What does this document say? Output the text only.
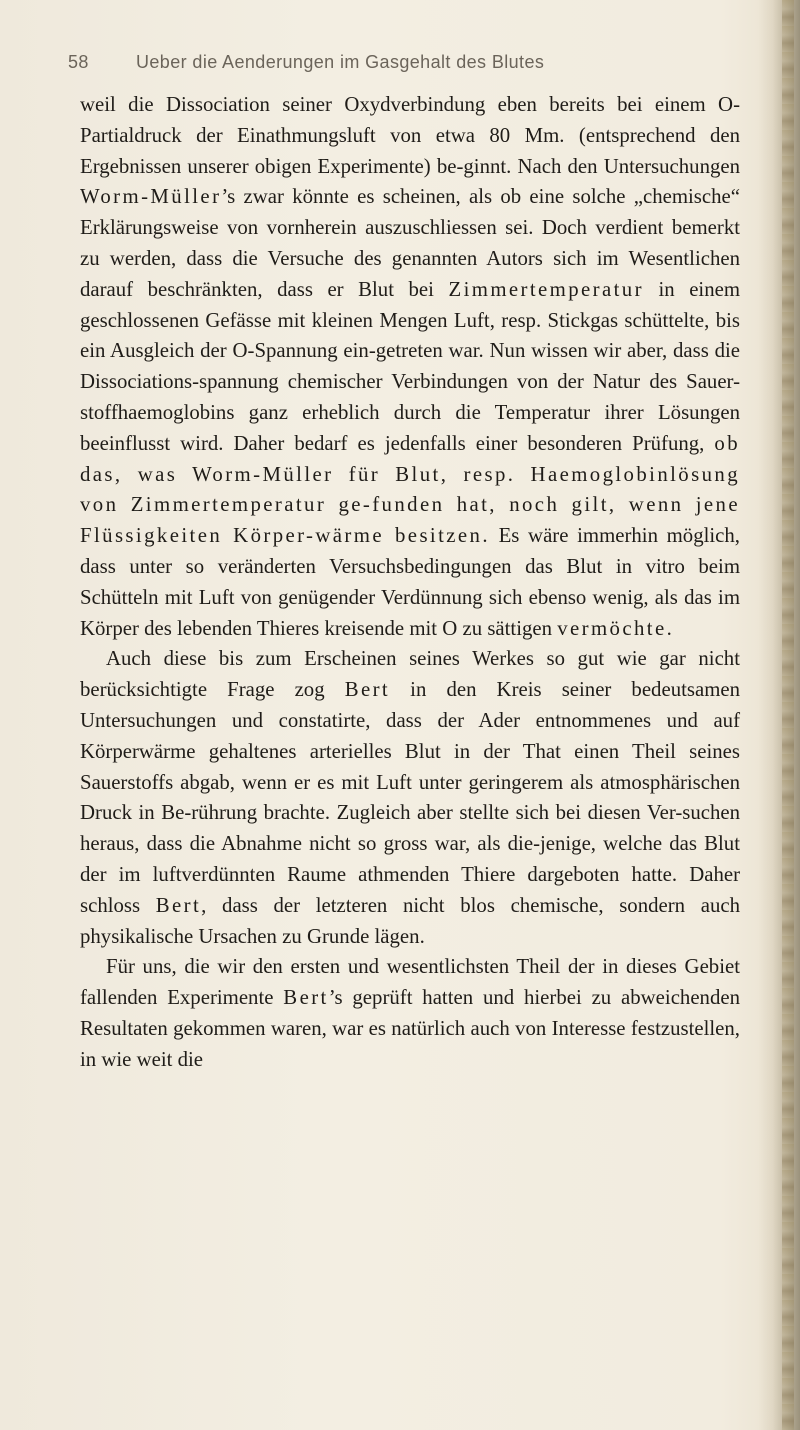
58	Ueber die Aenderungen im Gasgehalt des Blutes

weil die Dissociation seiner Oxydverbindung eben bereits bei einem O-Partialdruck der Einathmungsluft von etwa 80 Mm. (entsprechend den Ergebnissen unserer obigen Experimente) be-ginnt. Nach den Untersuchungen Worm-Müller’s zwar könnte es scheinen, als ob eine solche „chemische“ Erklärungsweise von vornherein auszuschliessen sei. Doch verdient bemerkt zu werden, dass die Versuche des genannten Autors sich im Wesentlichen darauf beschränkten, dass er Blut bei Zimmertemperatur in einem geschlossenen Gefässe mit kleinen Mengen Luft, resp. Stickgas schüttelte, bis ein Ausgleich der O-Spannung ein-getreten war. Nun wissen wir aber, dass die Dissociations-spannung chemischer Verbindungen von der Natur des Sauer-stoffhaemoglobins ganz erheblich durch die Temperatur ihrer Lösungen beeinflusst wird. Daher bedarf es jedenfalls einer besonderen Prüfung, ob das, was Worm-Müller für Blut, resp. Haemoglobinlösung von Zimmertemperatur ge-funden hat, noch gilt, wenn jene Flüssigkeiten Körper-wärme besitzen. Es wäre immerhin möglich, dass unter so veränderten Versuchsbedingungen das Blut in vitro beim Schütteln mit Luft von genügender Verdünnung sich ebenso wenig, als das im Körper des lebenden Thieres kreisende mit O zu sättigen vermöchte.

Auch diese bis zum Erscheinen seines Werkes so gut wie gar nicht berücksichtigte Frage zog Bert in den Kreis seiner bedeutsamen Untersuchungen und constatirte, dass der Ader entnommenes und auf Körperwärme gehaltenes arterielles Blut in der That einen Theil seines Sauerstoffs abgab, wenn er es mit Luft unter geringerem als atmosphärischen Druck in Be-rührung brachte. Zugleich aber stellte sich bei diesen Ver-suchen heraus, dass die Abnahme nicht so gross war, als die-jenige, welche das Blut der im luftverdünnten Raume athmenden Thiere dargeboten hatte. Daher schloss Bert, dass der letzteren nicht blos chemische, sondern auch physikalische Ursachen zu Grunde lägen.

Für uns, die wir den ersten und wesentlichsten Theil der in dieses Gebiet fallenden Experimente Bert’s geprüft hatten und hierbei zu abweichenden Resultaten gekommen waren, war es natürlich auch von Interesse festzustellen, in wie weit die
